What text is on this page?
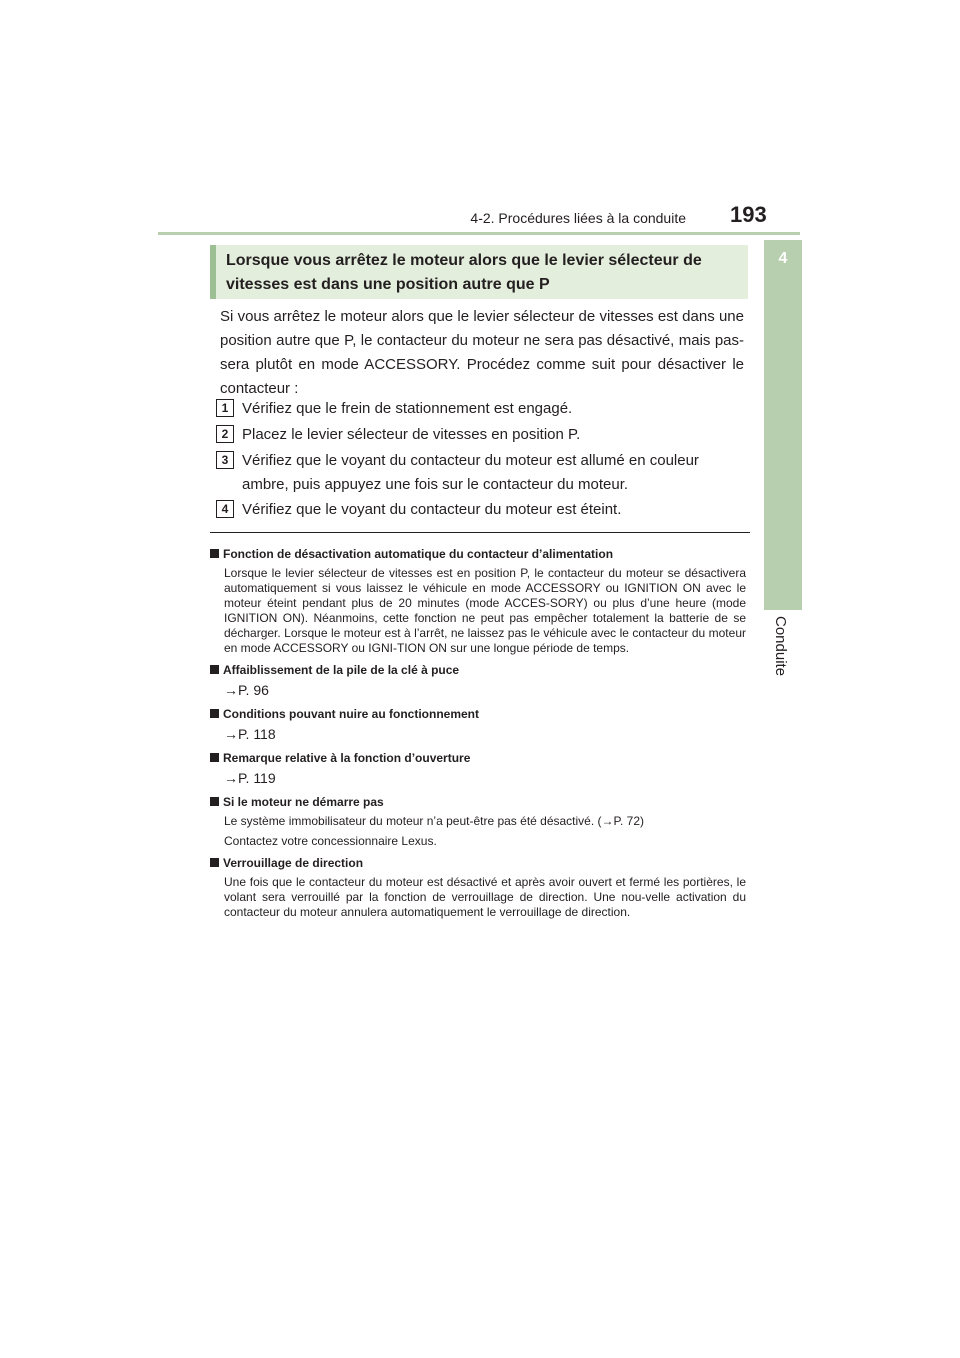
4-2. Procédures liées à la conduite 193
4
Conduite
Lorsque vous arrêtez le moteur alors que le levier sélecteur de vitesses est dans une position autre que P
Si vous arrêtez le moteur alors que le levier sélecteur de vitesses est dans une position autre que P, le contacteur du moteur ne sera pas désactivé, mais pas-sera plutôt en mode ACCESSORY. Procédez comme suit pour désactiver le contacteur :
1 Vérifiez que le frein de stationnement est engagé.
2 Placez le levier sélecteur de vitesses en position P.
3 Vérifiez que le voyant du contacteur du moteur est allumé en couleur ambre, puis appuyez une fois sur le contacteur du moteur.
4 Vérifiez que le voyant du contacteur du moteur est éteint.
Fonction de désactivation automatique du contacteur d’alimentation

Lorsque le levier sélecteur de vitesses est en position P, le contacteur du moteur se désactivera automatiquement si vous laissez le véhicule en mode ACCESSORY ou IGNITION ON avec le moteur éteint pendant plus de 20 minutes (mode ACCES-SORY) ou plus d’une heure (mode IGNITION ON). Néanmoins, cette fonction ne peut pas empêcher totalement la batterie de se décharger. Lorsque le moteur est à l’arrêt, ne laissez pas le véhicule avec le contacteur du moteur en mode ACCESSORY ou IGNI-TION ON sur une longue période de temps.

Affaiblissement de la pile de la clé à puce
→P. 96
Conditions pouvant nuire au fonctionnement
→P. 118
Remarque relative à la fonction d’ouverture
→P. 119
Si le moteur ne démarre pas

Le système immobilisateur du moteur n’a peut-être pas été désactivé. (→P. 72)

Contactez votre concessionnaire Lexus.

Verrouillage de direction

Une fois que le contacteur du moteur est désactivé et après avoir ouvert et fermé les portières, le volant sera verrouillé par la fonction de verrouillage de direction. Une nou-velle activation du contacteur du moteur annulera automatiquement le verrouillage de direction.
